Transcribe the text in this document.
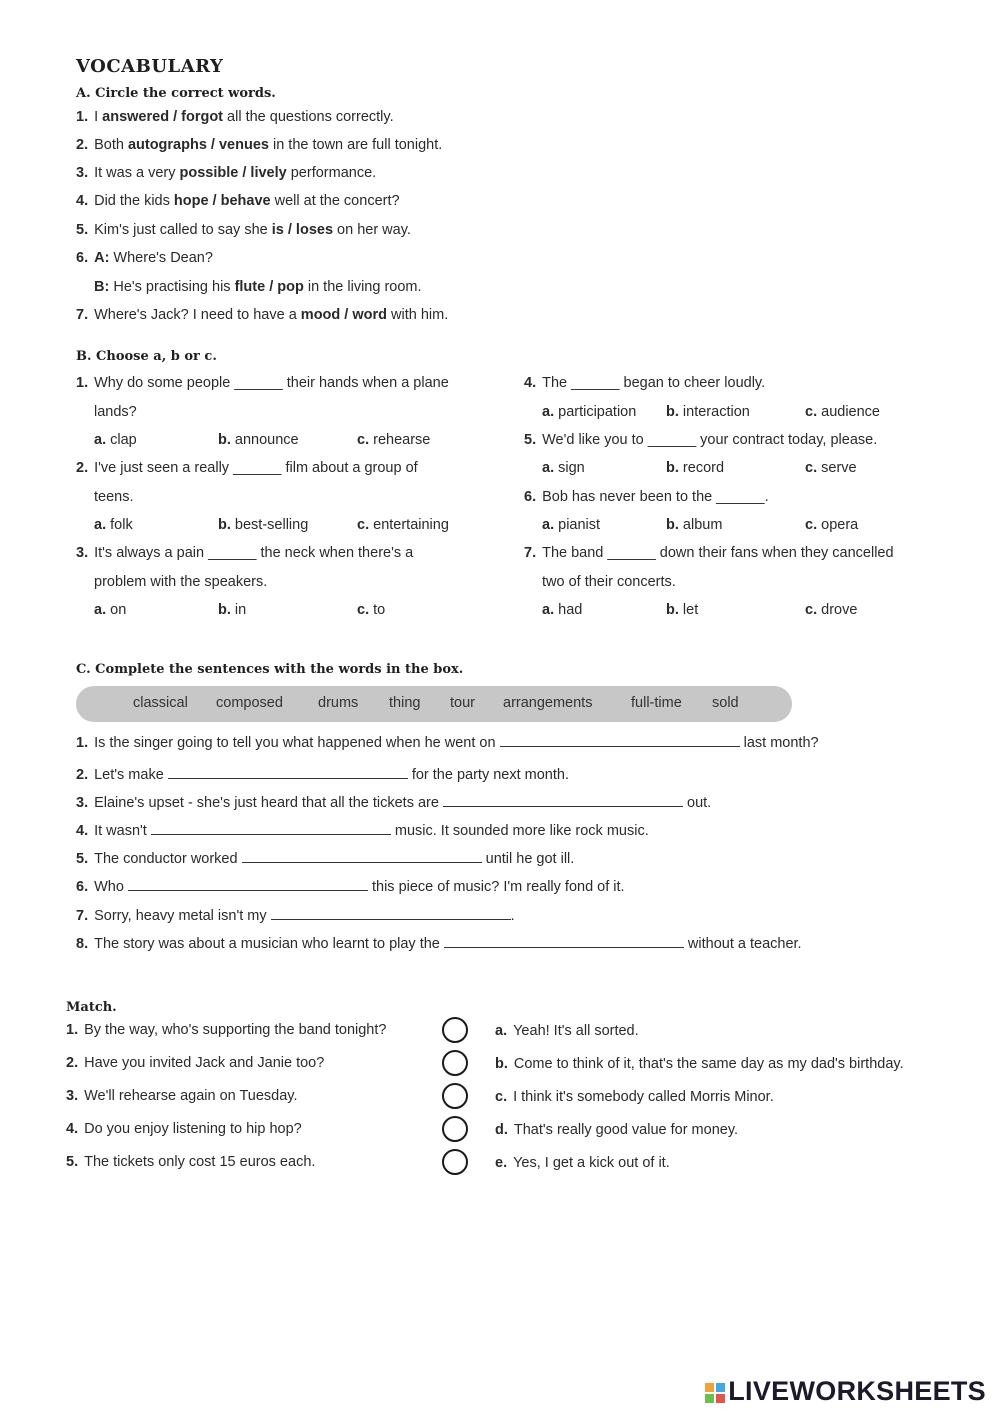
VOCABULARY
A. Circle the correct words.
1. I answered / forgot all the questions correctly.
2. Both autographs / venues in the town are full tonight.
3. It was a very possible / lively performance.
4. Did the kids hope / behave well at the concert?
5. Kim's just called to say she is / loses on her way.
6. A: Where's Dean?
B: He's practising his flute / pop in the living room.
7. Where's Jack? I need to have a mood / word with him.
B. Choose a, b or c.
1. Why do some people ______ their hands when a plane
lands?
a. clap	b. announce	c. rehearse
2. I've just seen a really ______ film about a group of
teens.
a. folk	b. best-selling	c. entertaining
3. It's always a pain ______ the neck when there's a
problem with the speakers.
a. on	b. in	c. to
4. The ______ began to cheer loudly.
a. participation b. interaction	c. audience
5. We'd like you to ______ your contract today, please.
a. sign	b. record	c. serve
6. Bob has never been to the ______.
a. pianist	b. album	c. opera
7. The band ______ down their fans when they cancelled
two of their concerts.
a. had	b. let	c. drove
C. Complete the sentences with the words in the box.
classical composed drums thing tour arrangements	full-time sold
1. Is the singer going to tell you what happened when he went on	last month?
2. Let's make	for the party next month.
3. Elaine's upset - she's just heard that all the tickets are	out.
4. It wasn't	music. It sounded more like rock music.
5. The conductor worked	until he got ill.
6. Who	this piece of music? I'm really fond of it.
7. Sorry, heavy metal isn't my	.
8. The story was about a musician who learnt to play the	without a teacher.
Match.
1. By the way, who's supporting the band tonight?
2. Have you invited Jack and Janie too?
3. We'll rehearse again on Tuesday.
4. Do you enjoy listening to hip hop?
5. The tickets only cost 15 euros each.
a. Yeah! It's all sorted.
b. Come to think of it, that's the same day as my dad's birthday.
c. I think it's somebody called Morris Minor.
d. That's really good value for money.
e. Yes, I get a kick out of it.
LIVEWORKSHEETS
